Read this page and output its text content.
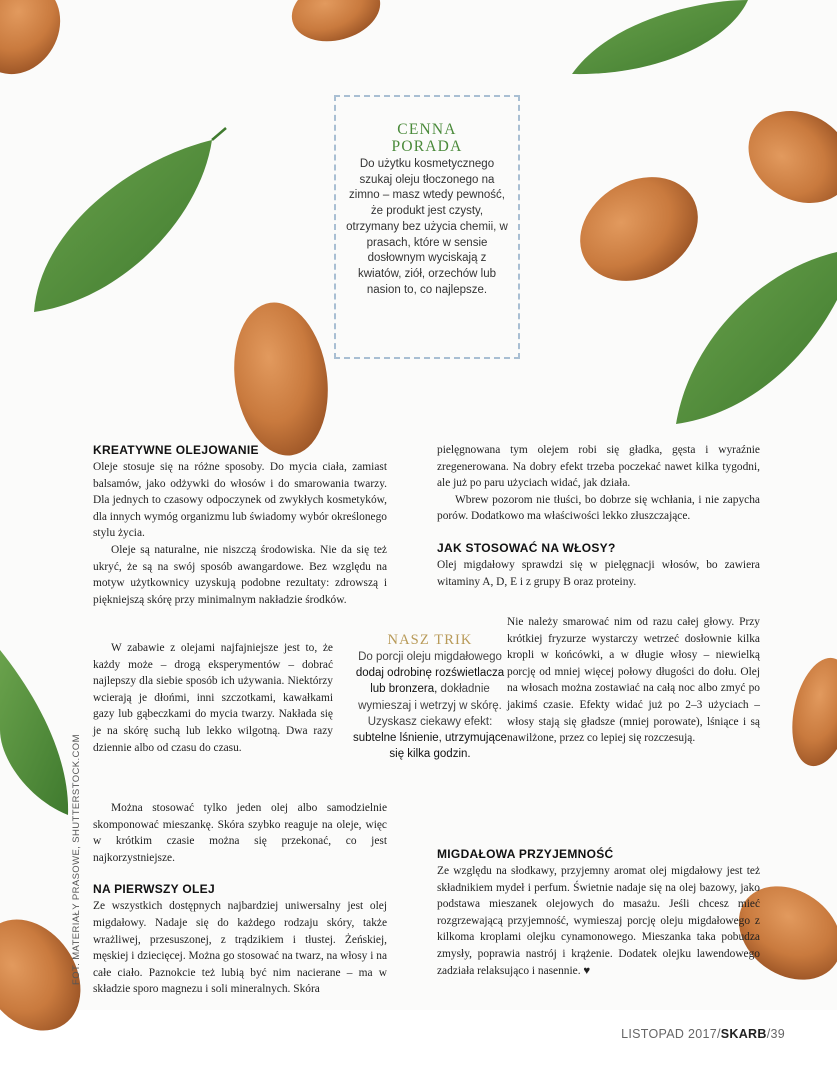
CENNA
PORADA
Do użytku kosmetycznego szukaj oleju tłoczonego na zimno – masz wtedy pewność, że produkt jest czysty, otrzymany bez użycia chemii, w prasach, które w sensie dosłownym wyciskają z kwiatów, ziół, orzechów lub nasion to, co najlepsze.
NASZ TRIK
Do porcji oleju migdałowego dodaj odrobinę rozświetlacza lub bronzera, dokładnie wymieszaj i wetrzyj w skórę. Uzyskasz ciekawy efekt: subtelne lśnienie, utrzymujące się kilka godzin.
KREATYWNE OLEJOWANIE

Oleje stosuje się na różne sposoby. Do mycia ciała, zamiast balsamów, jako odżywki do włosów i do smarowania twarzy. Dla jednych to czasowy odpoczynek od zwykłych kosmetyków, dla innych wymóg organizmu lub świadomy wybór określonego stylu życia.

Oleje są naturalne, nie niszczą środowiska. Nie da się też ukryć, że są na swój sposób awangardowe. Bez względu na motyw użytkownicy uzyskują podobne rezultaty: zdrowszą i piękniejszą skórę przy minimalnym nakładzie środków.

W zabawie z olejami najfajniejsze jest to, że każdy może – drogą eksperymentów – dobrać najlepszy dla siebie sposób ich używania. Niektórzy wcierają je dłońmi, inni szczotkami, kawałkami gazy lub gąbeczkami do mycia twarzy. Nakłada się je na skórę suchą lub lekko wilgotną. Dwa razy dziennie albo od czasu do czasu.

Można stosować tylko jeden olej albo samodzielnie skomponować mieszankę. Skóra szybko reaguje na oleje, więc w krótkim czasie można się przekonać, co jest najkorzystniejsze.

NA PIERWSZY OLEJ

Ze wszystkich dostępnych najbardziej uniwersalny jest olej migdałowy. Nadaje się do każdego rodzaju skóry, także wrażliwej, przesuszonej, z trądzikiem i tłustej. Żeńskiej, męskiej i dziecięcej. Można go stosować na twarz, na włosy i na całe ciało. Paznokcie też lubią być nim nacierane – ma w składzie sporo magnezu i soli mineralnych. Skóra

pielęgnowana tym olejem robi się gładka, gęsta i wyraźnie zregenerowana. Na dobry efekt trzeba poczekać nawet kilka tygodni, ale już po paru użyciach widać, jak działa.

Wbrew pozorom nie tłuści, bo dobrze się wchłania, i nie zapycha porów. Dodatkowo ma właściwości lekko złuszczające.

JAK STOSOWAĆ NA WŁOSY?

Olej migdałowy sprawdzi się w pielęgnacji włosów, bo zawiera witaminy A, D, E i z grupy B oraz proteiny.

Nie należy smarować nim od razu całej głowy. Przy krótkiej fryzurze wystarczy wetrzeć dosłownie kilka kropli w końcówki, a w długie włosy – niewielką porcję od mniej więcej połowy długości do dołu. Olej na włosach można zostawiać na całą noc albo zmyć po jakimś czasie. Efekty widać już po 2–3 użyciach – włosy stają się gładsze (mniej porowate), lśniące i są nawilżone, przez co lepiej się rozczesują.

MIGDAŁOWA PRZYJEMNOŚĆ

Ze względu na słodkawy, przyjemny aromat olej migdałowy jest też składnikiem mydeł i perfum. Świetnie nadaje się na olej bazowy, jako podstawa mieszanek olejowych do masażu. Jeśli chcesz mieć rozgrzewającą przyjemność, wymieszaj porcję oleju migdałowego z kilkoma kroplami olejku cynamonowego. Mieszanka taka pobudza zmysły, poprawia nastrój i krążenie. Dodatek olejku lawendowego zadziała relaksująco i nasennie. ♥

FOT. MATERIAŁY PRASOWE, SHUTTERSTOCK.COM
LISTOPAD 2017/SKARB/39
